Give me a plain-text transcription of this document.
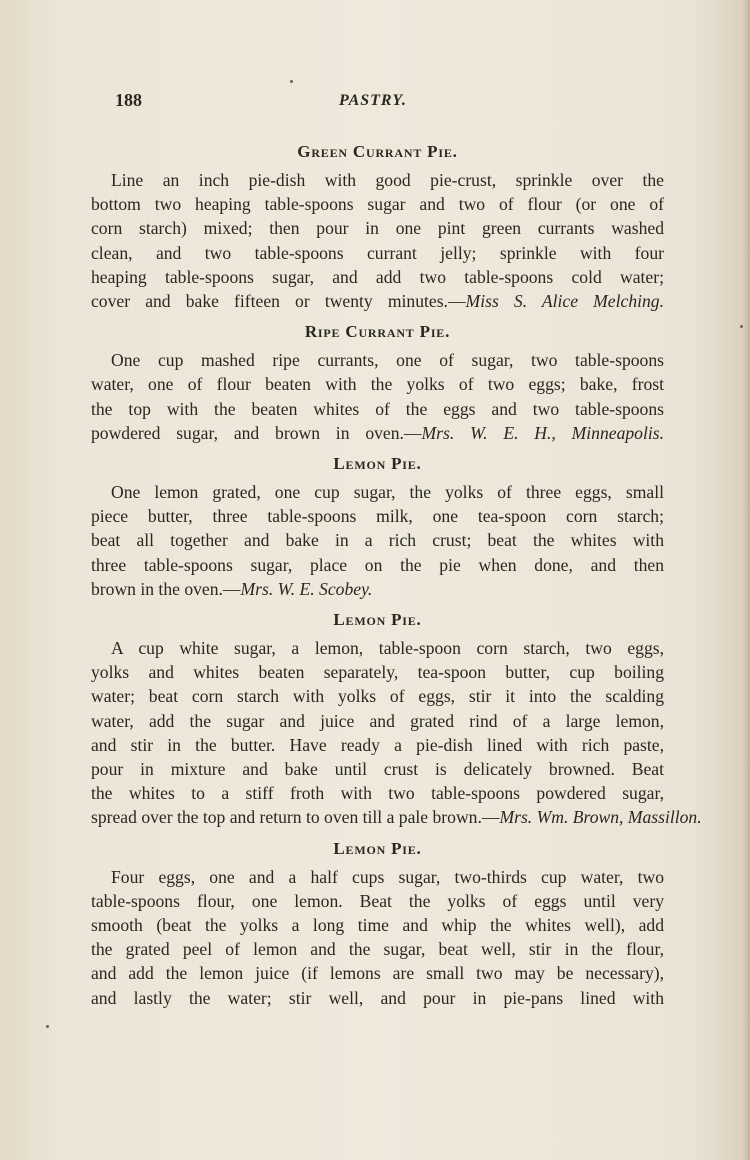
188	PASTRY.
Green Currant Pie.
Line an inch pie-dish with good pie-crust, sprinkle over the
bottom two heaping table-spoons sugar and two of flour (or one of
corn starch) mixed; then pour in one pint green currants washed
clean, and two table-spoons currant jelly; sprinkle with four
heaping table-spoons sugar, and add two table-spoons cold water;
cover and bake fifteen or twenty minutes.—Miss S. Alice Melching.
Ripe Currant Pie.
One cup mashed ripe currants, one of sugar, two table-spoons
water, one of flour beaten with the yolks of two eggs; bake, frost
the top with the beaten whites of the eggs and two table-spoons
powdered sugar, and brown in oven.—Mrs. W. E. H., Minneapolis.
Lemon Pie.
One lemon grated, one cup sugar, the yolks of three eggs, small
piece butter, three table-spoons milk, one tea-spoon corn starch;
beat all together and bake in a rich crust; beat the whites with
three table-spoons sugar, place on the pie when done, and then
brown in the oven.—Mrs. W. E. Scobey.
Lemon Pie.
A cup white sugar, a lemon, table-spoon corn starch, two eggs,
yolks and whites beaten separately, tea-spoon butter, cup boiling
water; beat corn starch with yolks of eggs, stir it into the scalding
water, add the sugar and juice and grated rind of a large lemon,
and stir in the butter. Have ready a pie-dish lined with rich paste,
pour in mixture and bake until crust is delicately browned. Beat
the whites to a stiff froth with two table-spoons powdered sugar,
spread over the top and return to oven till a pale brown.—Mrs. Wm. Brown, Massillon.
Lemon Pie.
Four eggs, one and a half cups sugar, two-thirds cup water, two
table-spoons flour, one lemon. Beat the yolks of eggs until very
smooth (beat the yolks a long time and whip the whites well), add
the grated peel of lemon and the sugar, beat well, stir in the flour,
and add the lemon juice (if lemons are small two may be necessary),
and lastly the water; stir well, and pour in pie-pans lined with
